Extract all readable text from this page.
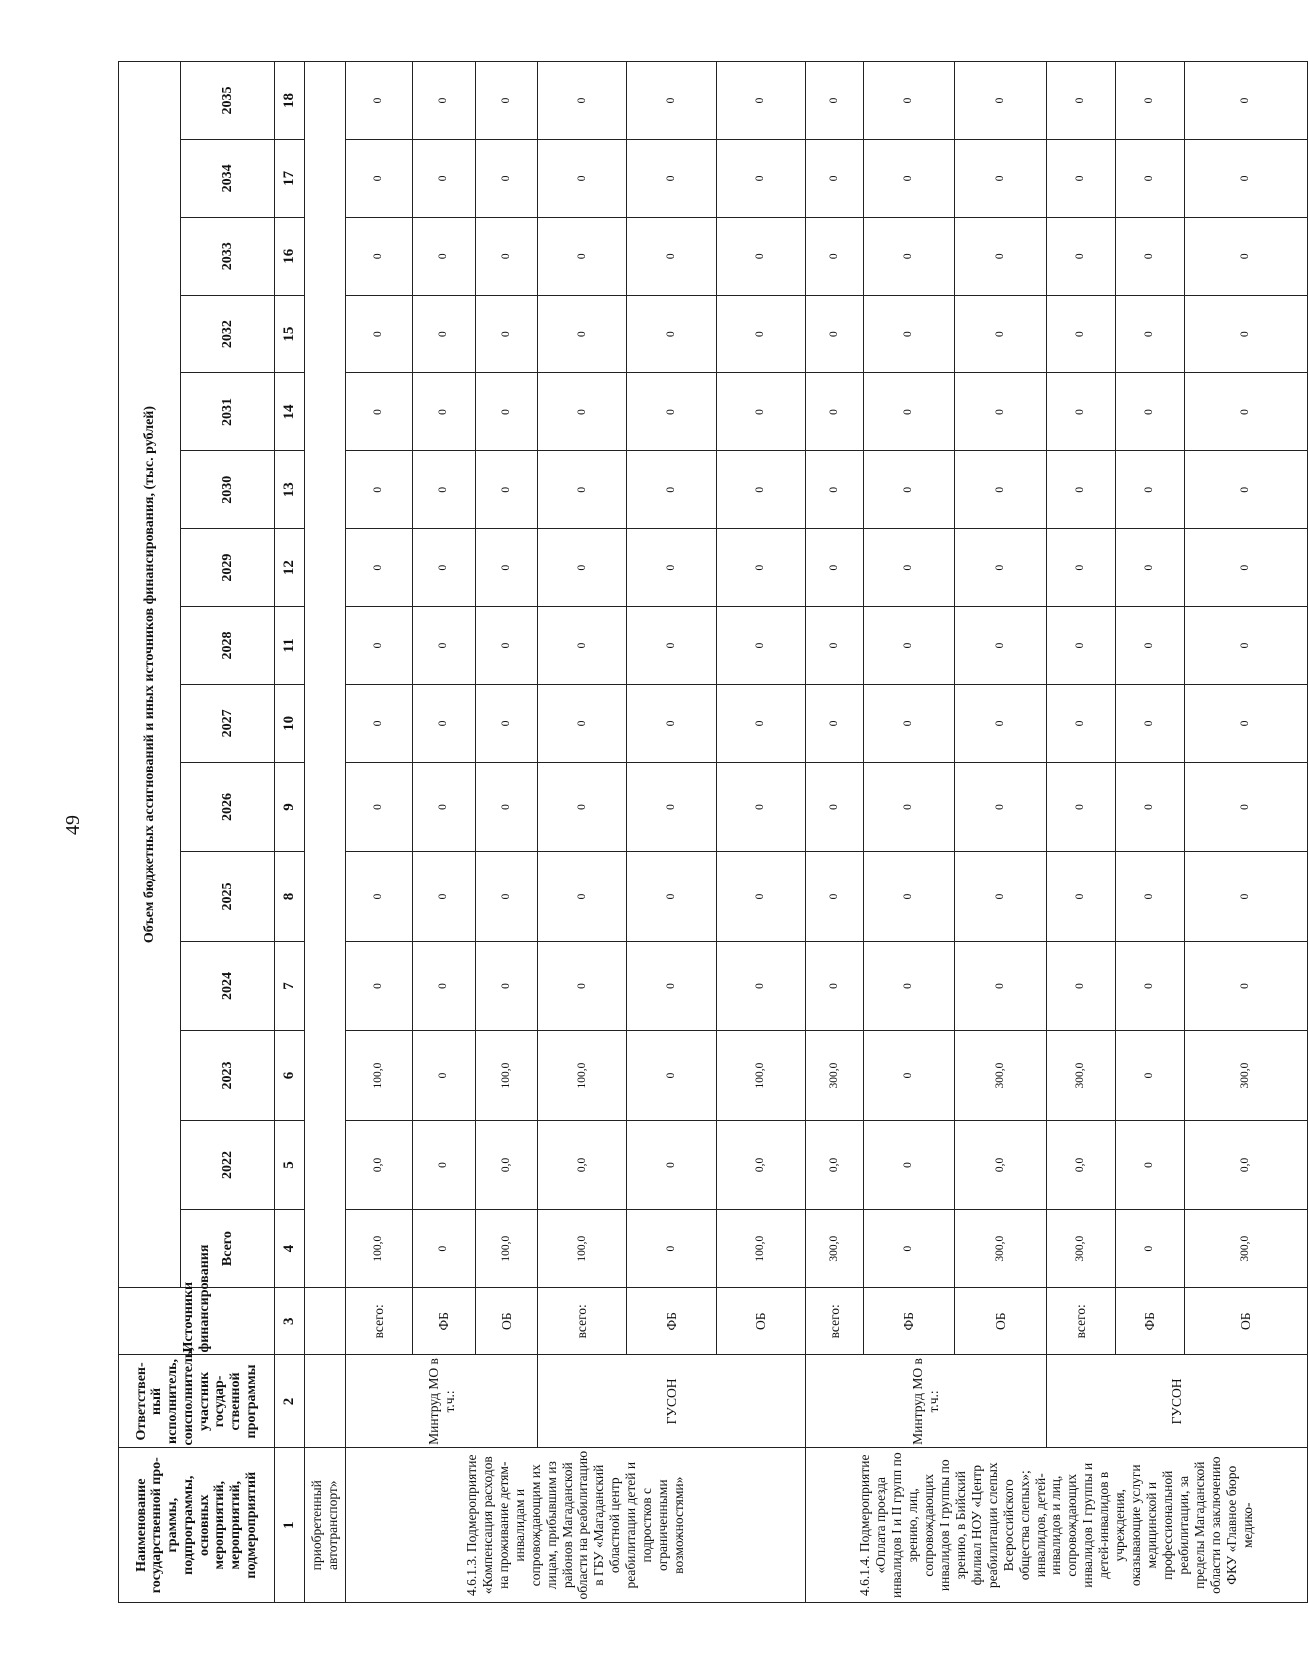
49
Наименование государственной про-граммы, подпрограммы, основных мероприятий, мероприятий, подмероприятий	Ответствен-ный исполнитель, соисполнитель, участник государ-ственной программы	Источники финансирования	Объем бюджетных ассигнований и иных источников финансирования, (тыс. рублей)														
			Всего	2022	2023	2024	2025	2026	2027	2028	2029	2030	2031	2032	2033	2034	2035
1	2	3	4	5	6	7	8	9	10	11	12	13	14	15	16	17	18
приобретенный автотранспорт»																	
4.6.1.3. Подмероприятие «Компенсация расходов на проживание детям-инвалидам и сопровождающим их лицам, прибывшим из районов Магаданской области на реабилитацию в ГБУ «Магаданский областной центр реабилитации детей и подростков с ограниченными возможностями»	Минтруд МО в т.ч.:	всего:	100,0	0,0	100,0	0	0	0	0	0	0	0	0	0	0	0	0
		ФБ	0	0	0	0	0	0	0	0	0	0	0	0	0	0	0
		ОБ	100,0	0,0	100,0	0	0	0	0	0	0	0	0	0	0	0	0
	ГУСОН	всего:	100,0	0,0	100,0	0	0	0	0	0	0	0	0	0	0	0	0
		ФБ	0	0	0	0	0	0	0	0	0	0	0	0	0	0	0
		ОБ	100,0	0,0	100,0	0	0	0	0	0	0	0	0	0	0	0	0
4.6.1.4. Подмероприятие «Оплата проезда инвалидов I и II групп по зрению, лиц, сопровождающих инвалидов I группы по зрению, в Бийский филиал НОУ «Центр реабилитации слепых Всероссийского общества слепых»; инвалидов, детей-инвалидов и лиц, сопровождающих инвалидов I группы и детей-инвалидов в учреждения, оказывающие услуги медицинской и профессиональной реабилитации, за пределы Магаданской области по заключению ФКУ «Главное бюро медико-	Минтруд МО в т.ч.:	всего:	300,0	0,0	300,0	0	0	0	0	0	0	0	0	0	0	0	0
		ФБ	0	0	0	0	0	0	0	0	0	0	0	0	0	0	0
		ОБ	300,0	0,0	300,0	0	0	0	0	0	0	0	0	0	0	0	0
	ГУСОН	всего:	300,0	0,0	300,0	0	0	0	0	0	0	0	0	0	0	0	0
		ФБ	0	0	0	0	0	0	0	0	0	0	0	0	0	0	0
		ОБ	300,0	0,0	300,0	0	0	0	0	0	0	0	0	0	0	0	0
